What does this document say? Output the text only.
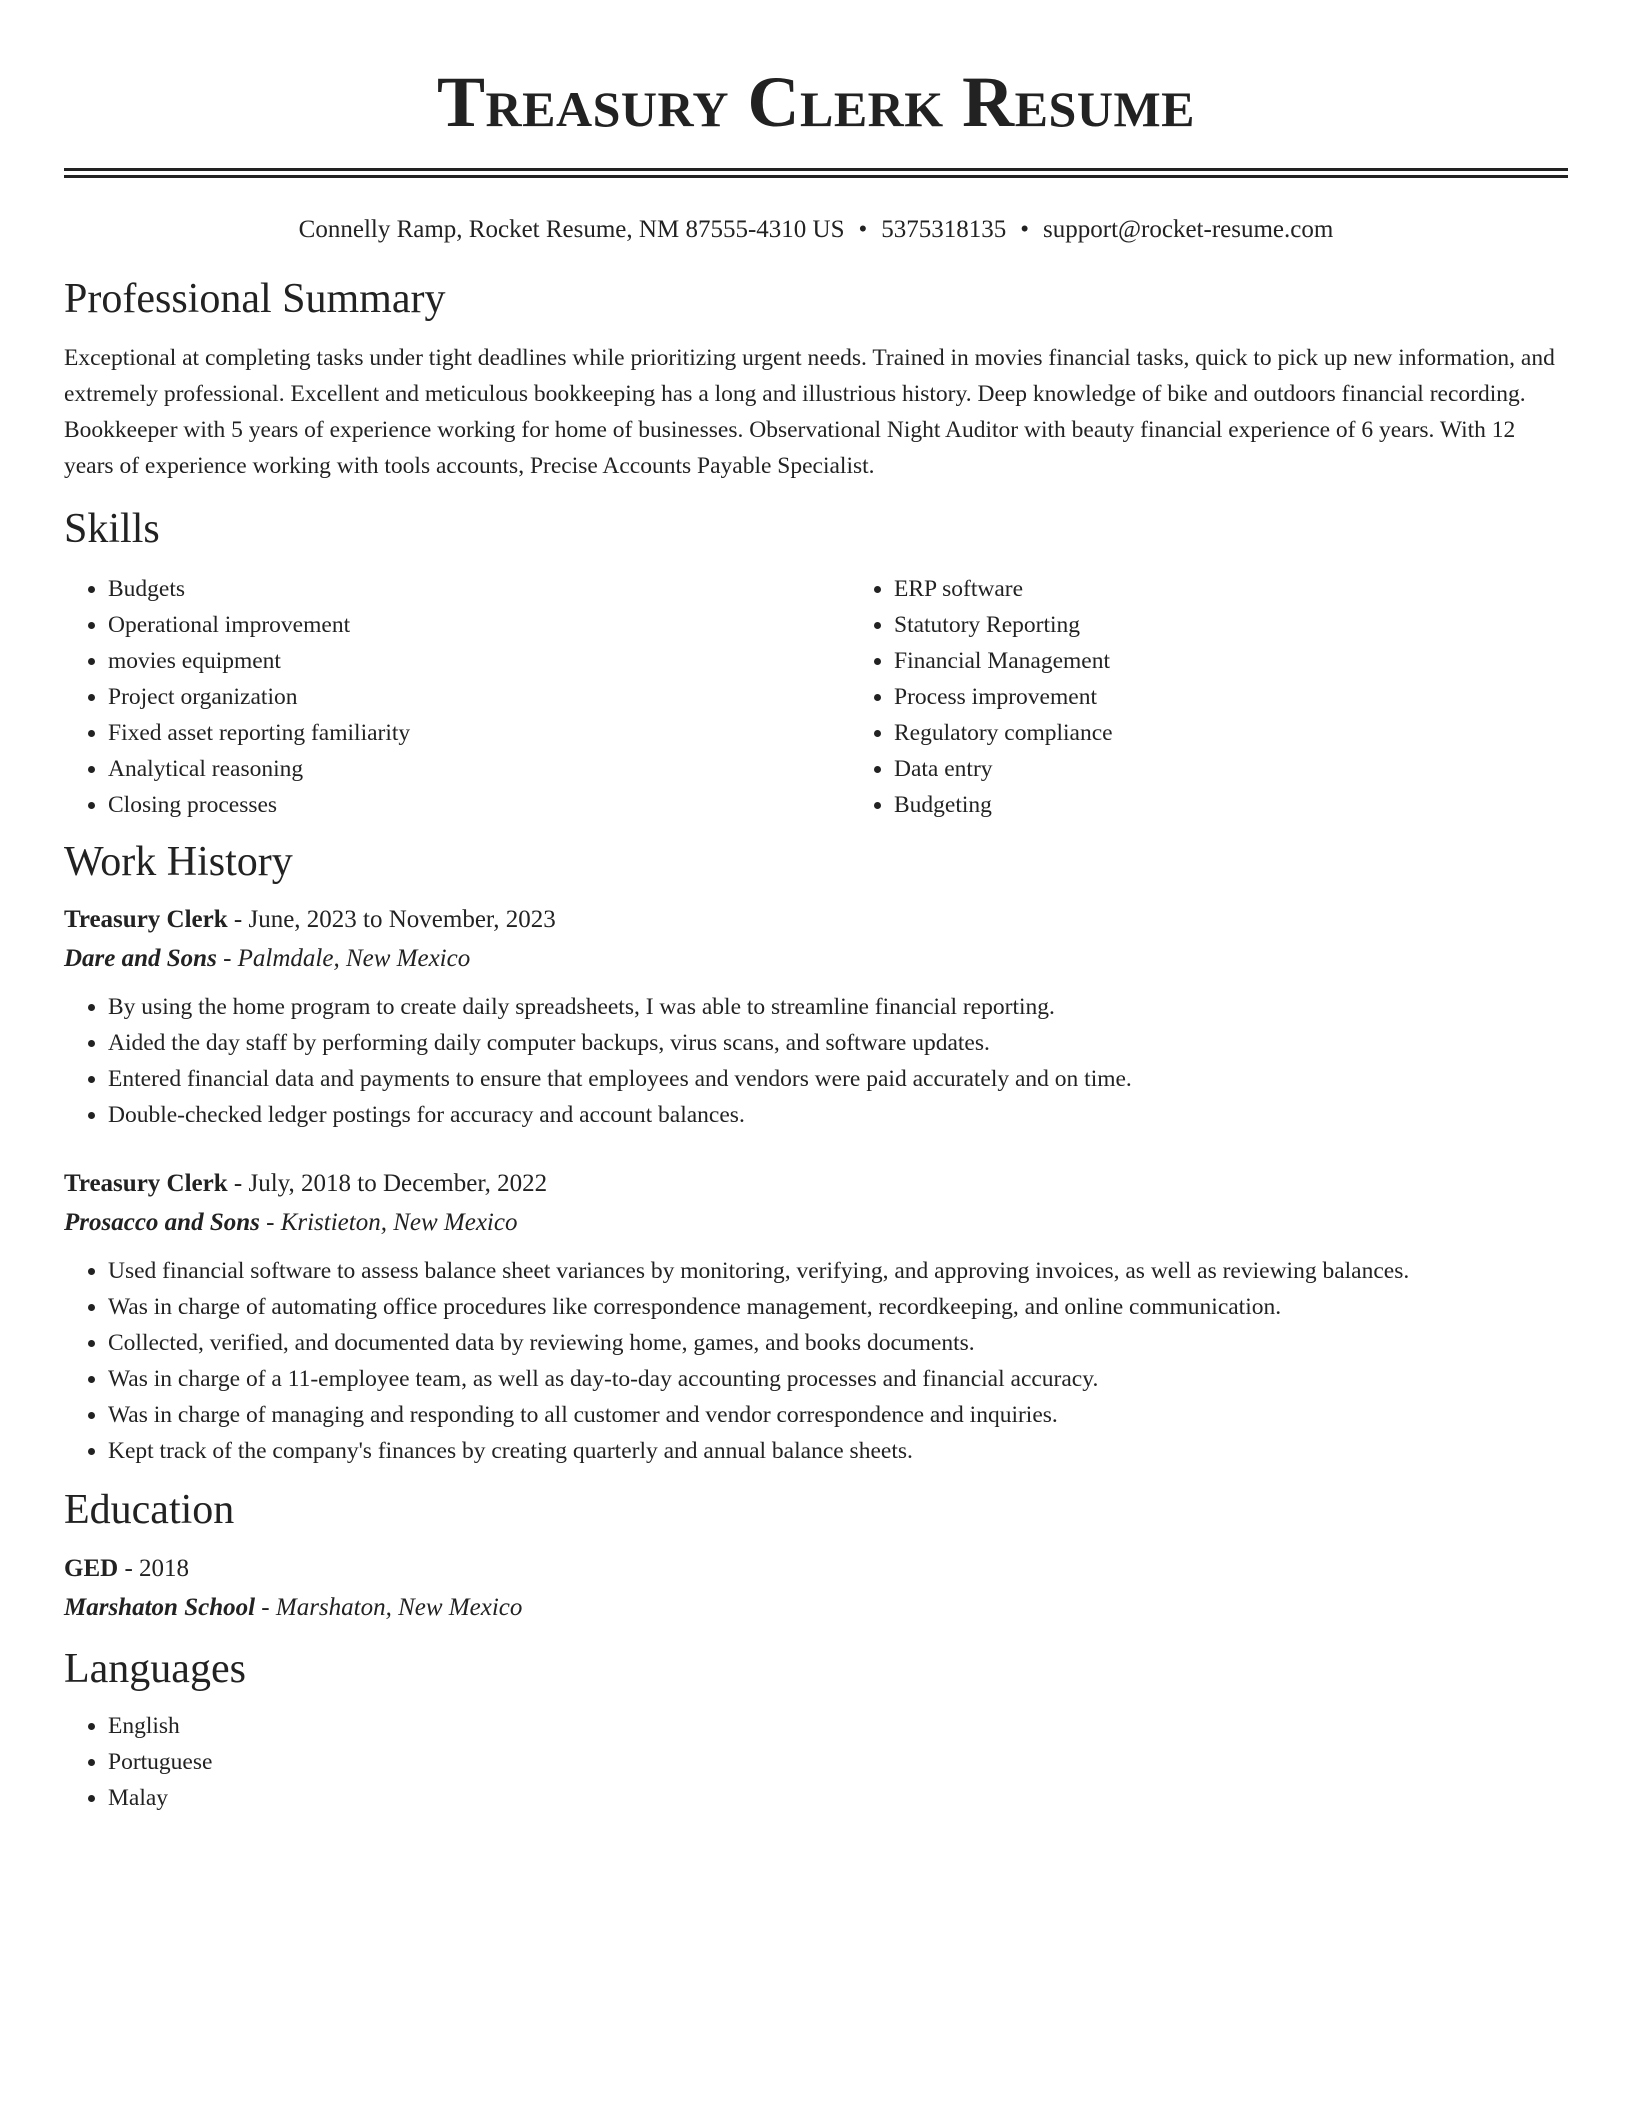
Treasury Clerk Resume
Connelly Ramp, Rocket Resume, NM 87555-4310 US • 5375318135 • support@rocket-resume.com
Professional Summary

Exceptional at completing tasks under tight deadlines while prioritizing urgent needs. Trained in movies financial tasks, quick to pick up new information, and extremely professional. Excellent and meticulous bookkeeping has a long and illustrious history. Deep knowledge of bike and outdoors financial recording. Bookkeeper with 5 years of experience working for home of businesses. Observational Night Auditor with beauty financial experience of 6 years. With 12 years of experience working with tools accounts, Precise Accounts Payable Specialist.

Skills
• Budgets
• Operational improvement
• movies equipment
• Project organization
• Fixed asset reporting familiarity
• Analytical reasoning
• Closing processes
• ERP software
• Statutory Reporting
• Financial Management
• Process improvement
• Regulatory compliance
• Data entry
• Budgeting
Work History
Treasury Clerk - June, 2023 to November, 2023
Dare and Sons - Palmdale, New Mexico
• By using the home program to create daily spreadsheets, I was able to streamline financial reporting.
• Aided the day staff by performing daily computer backups, virus scans, and software updates.
• Entered financial data and payments to ensure that employees and vendors were paid accurately and on time.
• Double-checked ledger postings for accuracy and account balances.
Treasury Clerk - July, 2018 to December, 2022
Prosacco and Sons - Kristieton, New Mexico
• Used financial software to assess balance sheet variances by monitoring, verifying, and approving invoices, as well as reviewing balances.
• Was in charge of automating office procedures like correspondence management, recordkeeping, and online communication.
• Collected, verified, and documented data by reviewing home, games, and books documents.
• Was in charge of a 11-employee team, as well as day-to-day accounting processes and financial accuracy.
• Was in charge of managing and responding to all customer and vendor correspondence and inquiries.
• Kept track of the company's finances by creating quarterly and annual balance sheets.
Education
GED - 2018
Marshaton School - Marshaton, New Mexico
Languages
• English
• Portuguese
• Malay
